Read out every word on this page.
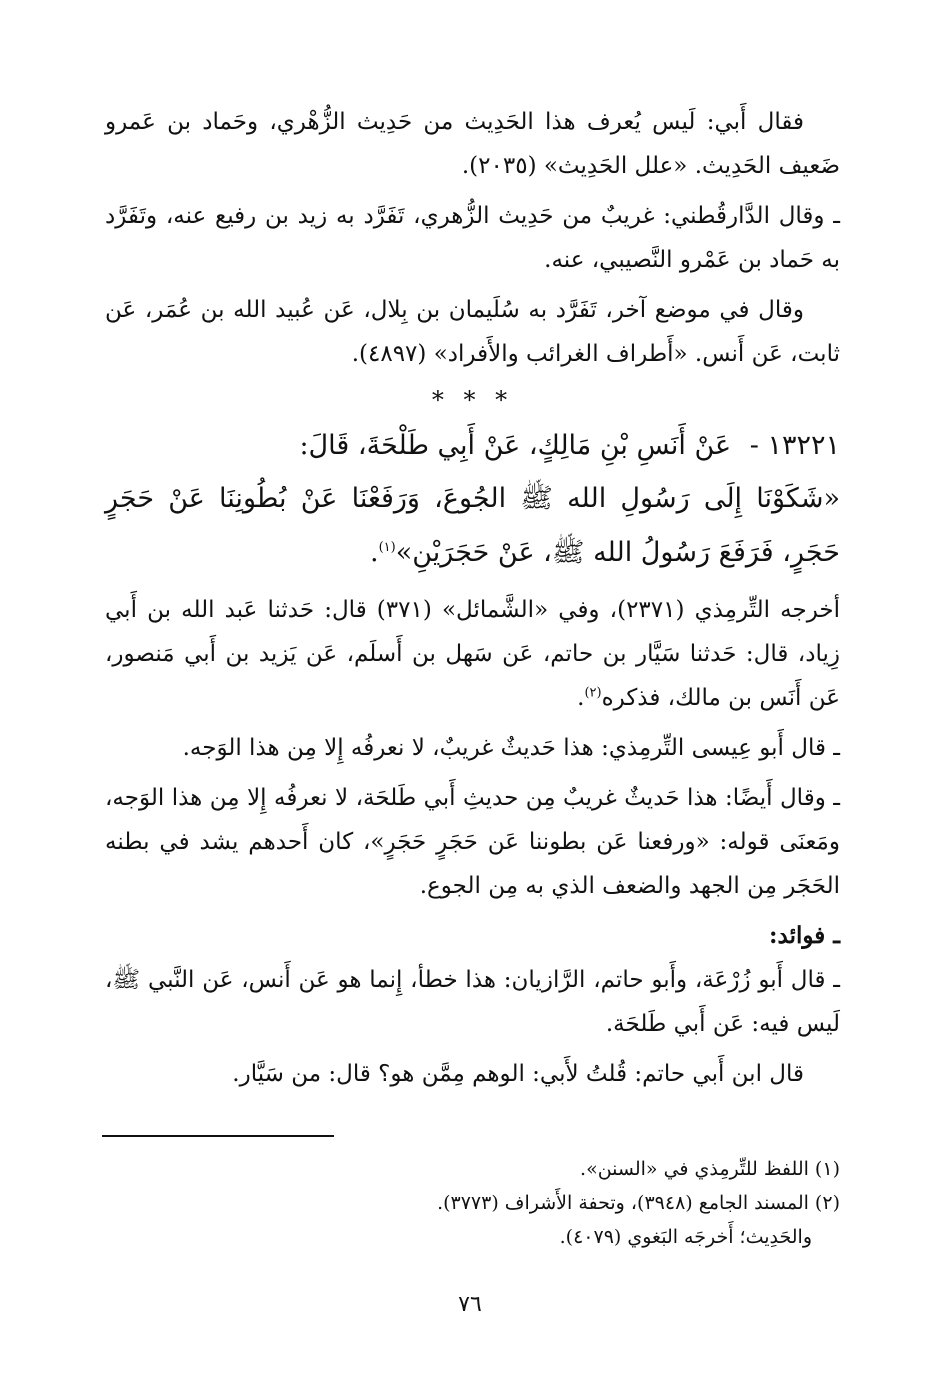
فقال أَبي: لَيس يُعرف هذا الحَدِيث من حَدِيث الزُّهْري، وحَماد بن عَمرو ضَعيف الحَدِيث. «علل الحَدِيث» (٢٠٣٥).

ـ وقال الدَّارقُطني: غريبٌ من حَدِيث الزُّهري، تَفَرَّد به زيد بن رفيع عنه، وتَفَرَّد به حَماد بن عَمْرو النَّصيبي، عنه.

وقال في موضع آخر، تَفَرَّد به سُلَيمان بن بِلال، عَن عُبيد الله بن عُمَر، عَن ثابت، عَن أَنس. «أَطراف الغرائب والأَفراد» (٤٨٩٧).

* * *
١٣٢٢١ - عَنْ أَنَسِ بْنِ مَالِكٍ، عَنْ أَبِي طَلْحَةَ، قَالَ:

«شَكَوْنَا إِلَى رَسُولِ الله ﷺ الجُوعَ، وَرَفَعْنَا عَنْ بُطُونِنَا عَنْ حَجَرٍ حَجَرٍ، فَرَفَعَ رَسُولُ الله ﷺ، عَنْ حَجَرَيْنِ»$^{(١)}$.

أخرجه التِّرمِذي (٢٣٧١)، وفي «الشَّمائل» (٣٧١) قال: حَدثنا عَبد الله بن أَبي زِياد، قال: حَدثنا سَيَّار بن حاتم، عَن سَهل بن أَسلَم، عَن يَزيد بن أَبي مَنصور، عَن أَنَس بن مالك، فذكره$^{(٢)}$.

ـ قال أَبو عِيسى التِّرمِذي: هذا حَديثٌ غريبٌ، لا نعرفُه إِلا مِن هذا الوَجه.

ـ وقال أَيضًا: هذا حَديثٌ غريبٌ مِن حديثِ أَبي طَلحَة، لا نعرفُه إِلا مِن هذا الوَجه، ومَعنَى قوله: «ورفعنا عَن بطوننا عَن حَجَرٍ حَجَرٍ»، كان أَحدهم يشد في بطنه الحَجَر مِن الجهد والضعف الذي به مِن الجوع.

ـ فوائد:

ـ قال أَبو زُرْعَة، وأَبو حاتم، الرَّازيان: هذا خطأ، إِنما هو عَن أَنس، عَن النَّبي ﷺ، لَيس فيه: عَن أَبي طَلحَة.

قال ابن أَبي حاتم: قُلتُ لأَبي: الوهم مِمَّن هو؟ قال: من سَيَّار.

(١) اللفظ للتِّرمِذي في «السنن».

(٢) المسند الجامع (٣٩٤٨)، وتحفة الأَشراف (٣٧٧٣).

والحَدِيث؛ أَخرجَه البَغوي (٤٠٧٩).

٧٦
